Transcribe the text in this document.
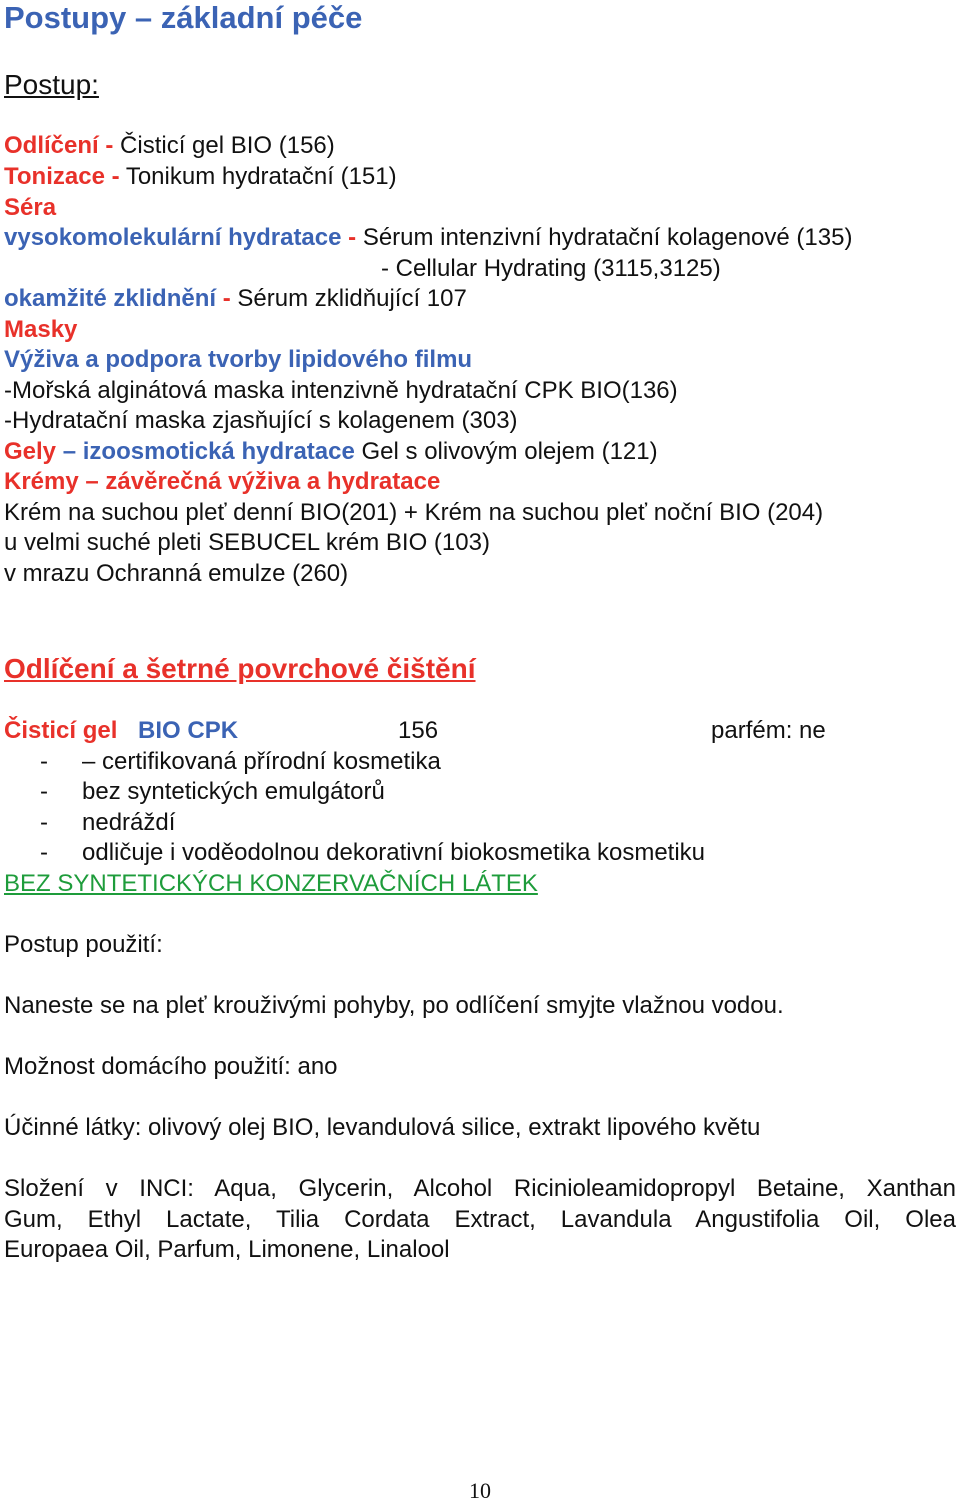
Postupy – základní péče
Postup:
Odlíčení - Čisticí gel BIO (156)
Tonizace - Tonikum hydratační (151)
Séra
vysokomolekulární hydratace - Sérum intenzivní hydratační kolagenové (135)
- Cellular Hydrating (3115,3125)
okamžité zklidnění - Sérum zklidňující 107
Masky
Výživa a podpora tvorby lipidového filmu
-Mořská alginátová maska intenzivně hydratační CPK BIO(136)
-Hydratační maska zjasňující s kolagenem (303)
Gely – izoosmotická hydratace Gel s olivovým olejem (121)
Krémy – závěrečná výživa a hydratace
Krém na suchou pleť denní BIO(201) + Krém na suchou pleť noční BIO (204)
u velmi suché pleti SEBUCEL krém BIO (103)
v mrazu Ochranná emulze (260)
Odlíčení a šetrné povrchové čištění
Čisticí gel BIO CPK	156	parfém: ne
- – certifikovaná přírodní kosmetika
- bez syntetických emulgátorů
- nedráždí
- odličuje i voděodolnou dekorativní biokosmetika kosmetiku
BEZ SYNTETICKÝCH KONZERVAČNÍCH LÁTEK
Postup použití:
Naneste se na pleť krouživými pohyby, po odlíčení smyjte vlažnou vodou.
Možnost domácího použití: ano
Účinné látky: olivový olej BIO, levandulová silice, extrakt lipového květu
Složení v INCI: Aqua, Glycerin, Alcohol Ricinioleamidopropyl Betaine, Xanthan
Gum, Ethyl Lactate, Tilia Cordata Extract, Lavandula Angustifolia Oil, Olea
Europaea Oil, Parfum, Limonene, Linalool
10
